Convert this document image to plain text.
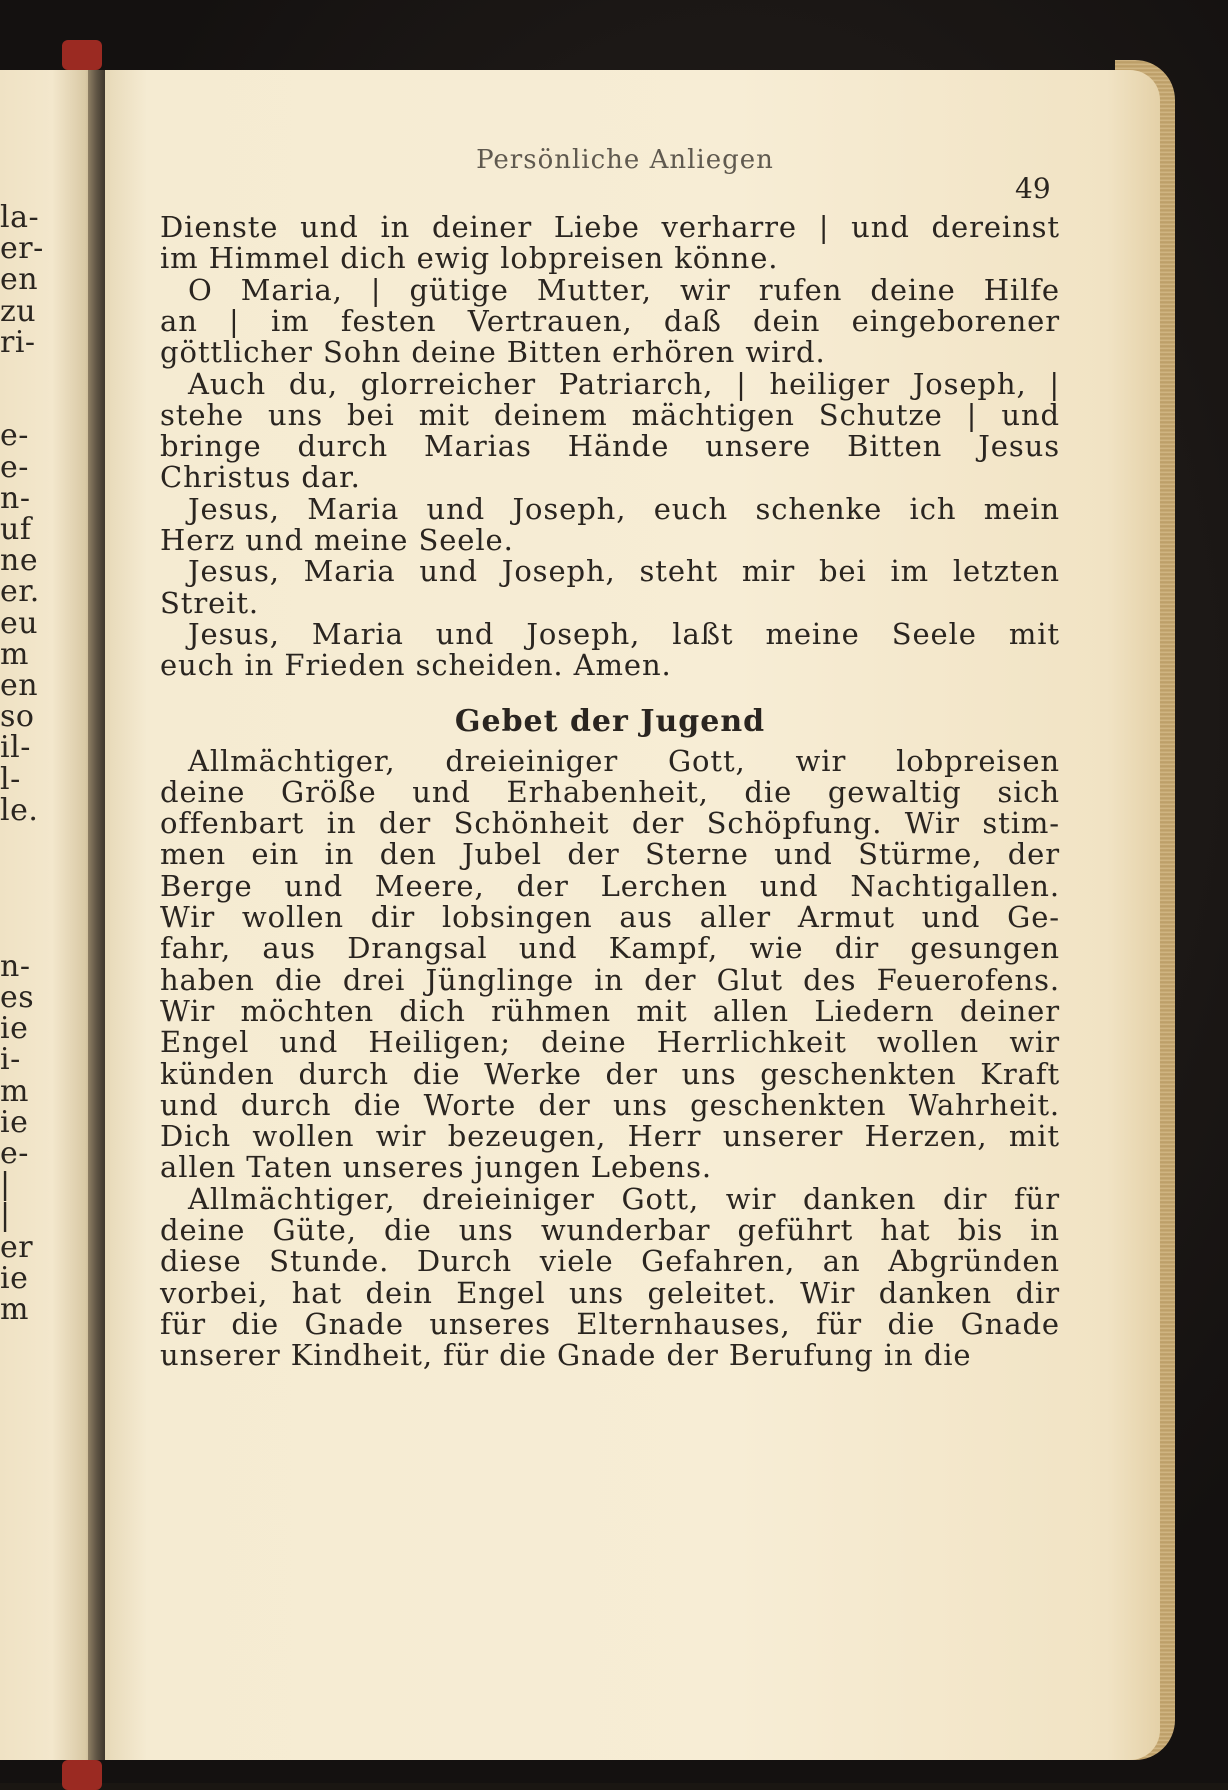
la-
er-
en
zu
ri-
e-
e-
n-
uf
ne
er.
eu
m
en
so
il-
l-
le.
n-
es
ie
i-
m
ie
e-
|
|
er
ie
m
Persönliche Anliegen
49
Dienste und in deiner Liebe verharre | und dereinst
im Himmel dich ewig lobpreisen könne.
O Maria, | gütige Mutter, wir rufen deine Hilfe
an | im festen Vertrauen, daß dein eingeborener
göttlicher Sohn deine Bitten erhören wird.
Auch du, glorreicher Patriarch, | heiliger Joseph, |
stehe uns bei mit deinem mächtigen Schutze | und
bringe durch Marias Hände unsere Bitten Jesus
Christus dar.
Jesus, Maria und Joseph, euch schenke ich mein
Herz und meine Seele.
Jesus, Maria und Joseph, steht mir bei im letzten
Streit.
Jesus, Maria und Joseph, laßt meine Seele mit
euch in Frieden scheiden. Amen.
Gebet der Jugend
Allmächtiger, dreieiniger Gott, wir lobpreisen
deine Größe und Erhabenheit, die gewaltig sich
offenbart in der Schönheit der Schöpfung. Wir stim-
men ein in den Jubel der Sterne und Stürme, der
Berge und Meere, der Lerchen und Nachtigallen.
Wir wollen dir lobsingen aus aller Armut und Ge-
fahr, aus Drangsal und Kampf, wie dir gesungen
haben die drei Jünglinge in der Glut des Feuerofens.
Wir möchten dich rühmen mit allen Liedern deiner
Engel und Heiligen; deine Herrlichkeit wollen wir
künden durch die Werke der uns geschenkten Kraft
und durch die Worte der uns geschenkten Wahrheit.
Dich wollen wir bezeugen, Herr unserer Herzen, mit
allen Taten unseres jungen Lebens.
Allmächtiger, dreieiniger Gott, wir danken dir für
deine Güte, die uns wunderbar geführt hat bis in
diese Stunde. Durch viele Gefahren, an Abgründen
vorbei, hat dein Engel uns geleitet. Wir danken dir
für die Gnade unseres Elternhauses, für die Gnade
unserer Kindheit, für die Gnade der Berufung in die
